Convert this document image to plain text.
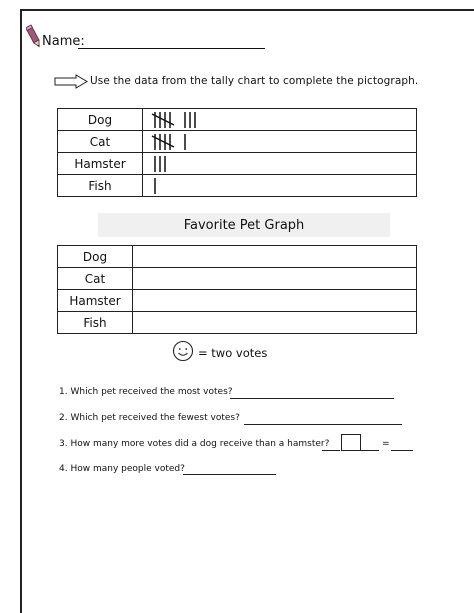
Name:
Use the data from the tally chart to complete the pictograph.
Dog	

Cat	

Hamster	

Fish	
Favorite Pet Graph
Dog	
Cat	
Hamster	
Fish	
= two votes
1. Which pet received the most votes?
2. Which pet received the fewest votes?
3. How many more votes did a dog receive than a hamster?	=
4. How many people voted?
